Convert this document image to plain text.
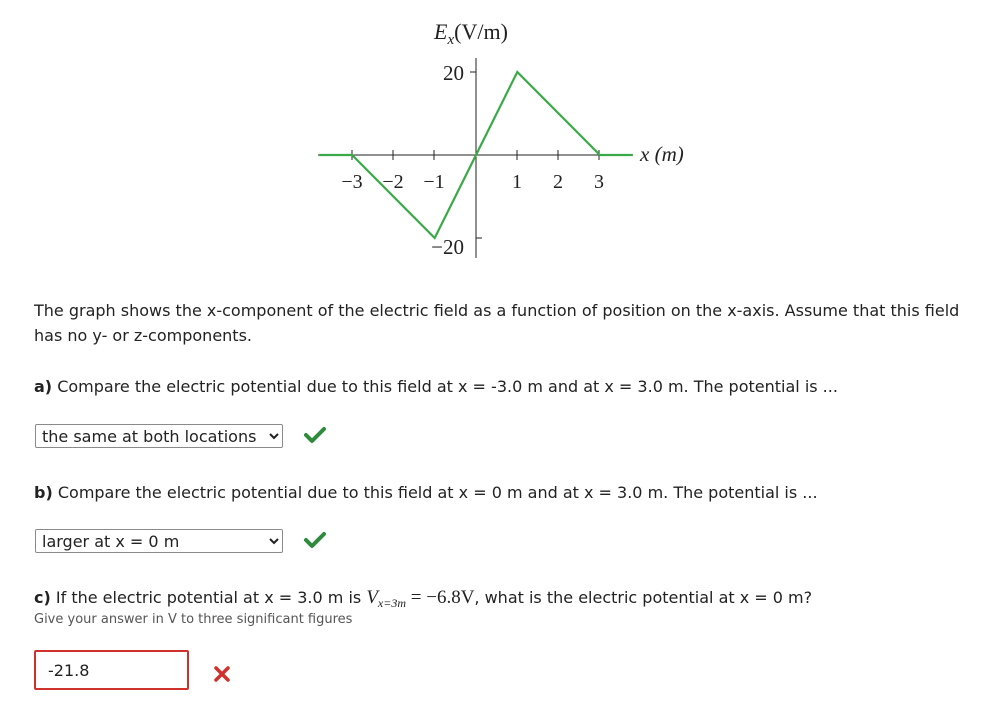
$E_x(V/m)$
20
−20
−3 −2 −1	1 2 3
x (m)

The graph shows the x-component of the electric field as a function of position on the x-axis. Assume that this field has no y- or z-components.

a) Compare the electric potential due to this field at x = -3.0 m and at x = 3.0 m. The potential is ...
the same at both locations
b) Compare the electric potential due to this field at x = 0 m and at x = 3.0 m. The potential is ...
larger at x = 0 m
c) If the electric potential at x = 3.0 m is $V_{x=3m} = -6.8V$, what is the electric potential at x = 0 m?

Give your answer in V to three significant figures

-21.8
